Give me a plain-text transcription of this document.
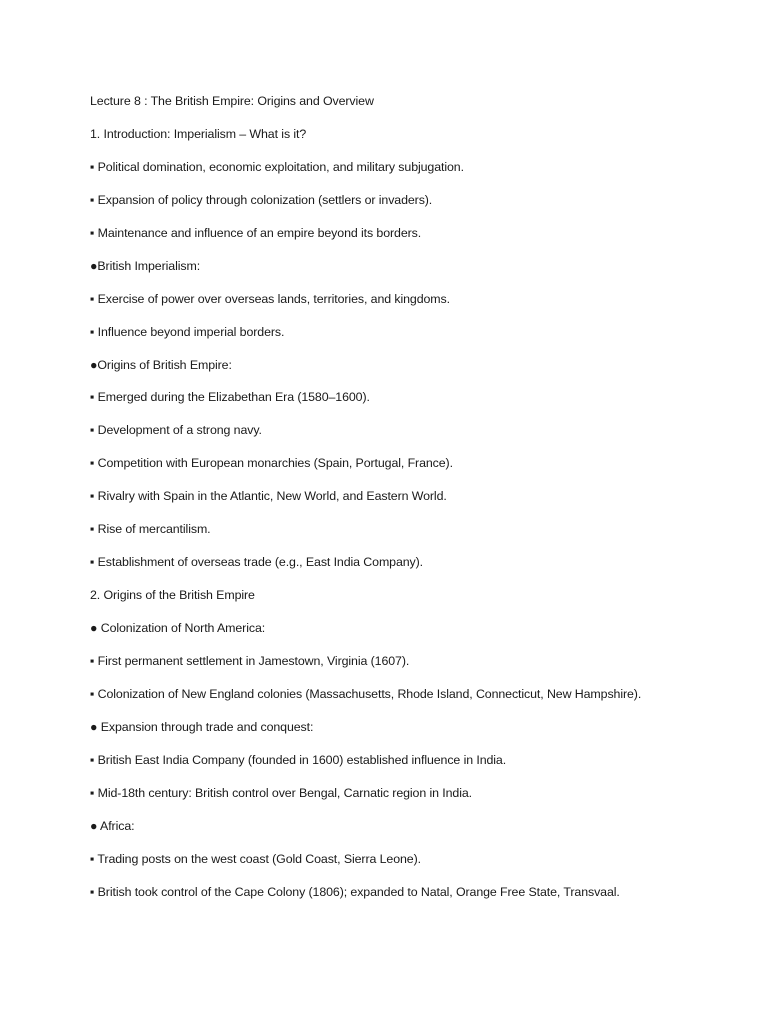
Lecture 8 : The British Empire: Origins and Overview
1. Introduction: Imperialism – What is it?
▪ Political domination, economic exploitation, and military subjugation.
▪ Expansion of policy through colonization (settlers or invaders).
▪ Maintenance and influence of an empire beyond its borders.
●British Imperialism:
▪ Exercise of power over overseas lands, territories, and kingdoms.
▪ Influence beyond imperial borders.
●Origins of British Empire:
▪ Emerged during the Elizabethan Era (1580–1600).
▪ Development of a strong navy.
▪ Competition with European monarchies (Spain, Portugal, France).
▪ Rivalry with Spain in the Atlantic, New World, and Eastern World.
▪ Rise of mercantilism.
▪ Establishment of overseas trade (e.g., East India Company).
2. Origins of the British Empire
● Colonization of North America:
▪ First permanent settlement in Jamestown, Virginia (1607).
▪ Colonization of New England colonies (Massachusetts, Rhode Island, Connecticut, New Hampshire).
● Expansion through trade and conquest:
▪ British East India Company (founded in 1600) established influence in India.
▪ Mid-18th century: British control over Bengal, Carnatic region in India.
● Africa:
▪ Trading posts on the west coast (Gold Coast, Sierra Leone).
▪ British took control of the Cape Colony (1806); expanded to Natal, Orange Free State, Transvaal.
